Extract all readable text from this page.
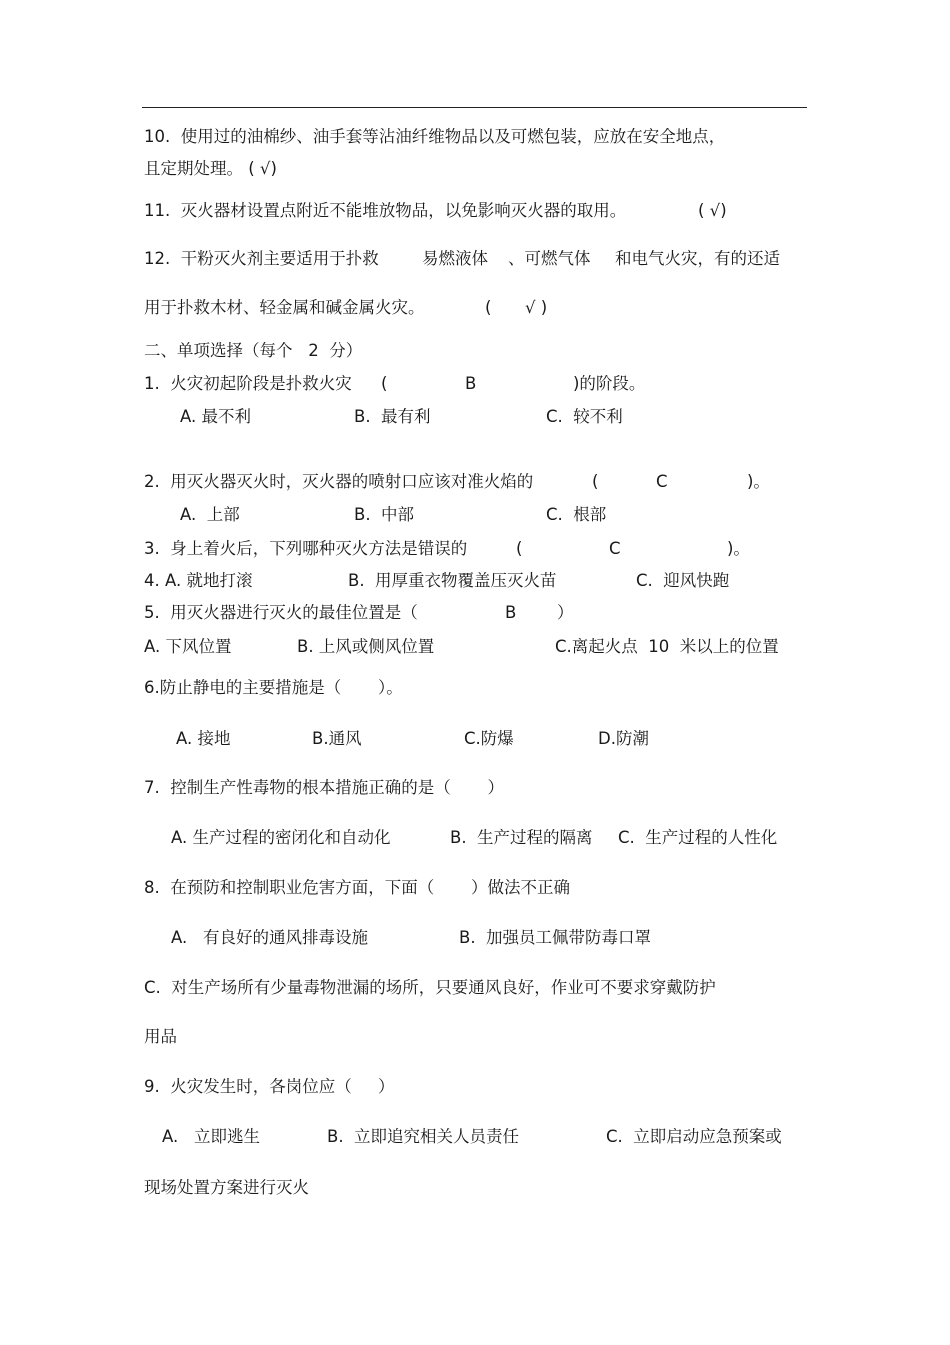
10.  使用过的油棉纱、油手套等沾油纤维物品以及可燃包装，应放在安全地点，
且定期处理。 ( √)
11.  灭火器材设置点附近不能堆放物品，以免影响灭火器的取用。	( √)
12.  干粉灭火剂主要适用于扑救	易燃液体 、可燃气体 和电气火灾，有的还适
用于扑救木材、轻金属和碱金属火灾。	( √ )
二、单项选择（每个   2  分）
1.  火灾初起阶段是扑救火灾 (	B	)的阶段。
A. 最不利	B.  最有利	C.  较不利
2.  用灭火器灭火时，灭火器的喷射口应该对准火焰的	(	C	)。
A.  上部	B.  中部	C.  根部
3.  身上着火后，下列哪种灭火方法是错误的	(	C	)。
4. A. 就地打滚	B.  用厚重衣物覆盖压灭火苗	C.  迎风快跑
5.  用灭火器进行灭火的最佳位置是（	B ）
A. 下风位置	B. 上风或侧风位置	C.离起火点  10  米以上的位置
6.防止静电的主要措施是（       ）。
A. 接地	B.通风	C.防爆	D.防潮
7.  控制生产性毒物的根本措施正确的是（       ）
A. 生产过程的密闭化和自动化	B.  生产过程的隔离 C.  生产过程的人性化
8.  在预防和控制职业危害方面，下面（       ）做法不正确
A.   有良好的通风排毒设施	B.  加强员工佩带防毒口罩
C.  对生产场所有少量毒物泄漏的场所，只要通风良好，作业可不要求穿戴防护
用品
9.  火灾发生时，各岗位应（     ）
A.   立即逃生	B.  立即追究相关人员责任	C.  立即启动应急预案或
现场处置方案进行灭火
